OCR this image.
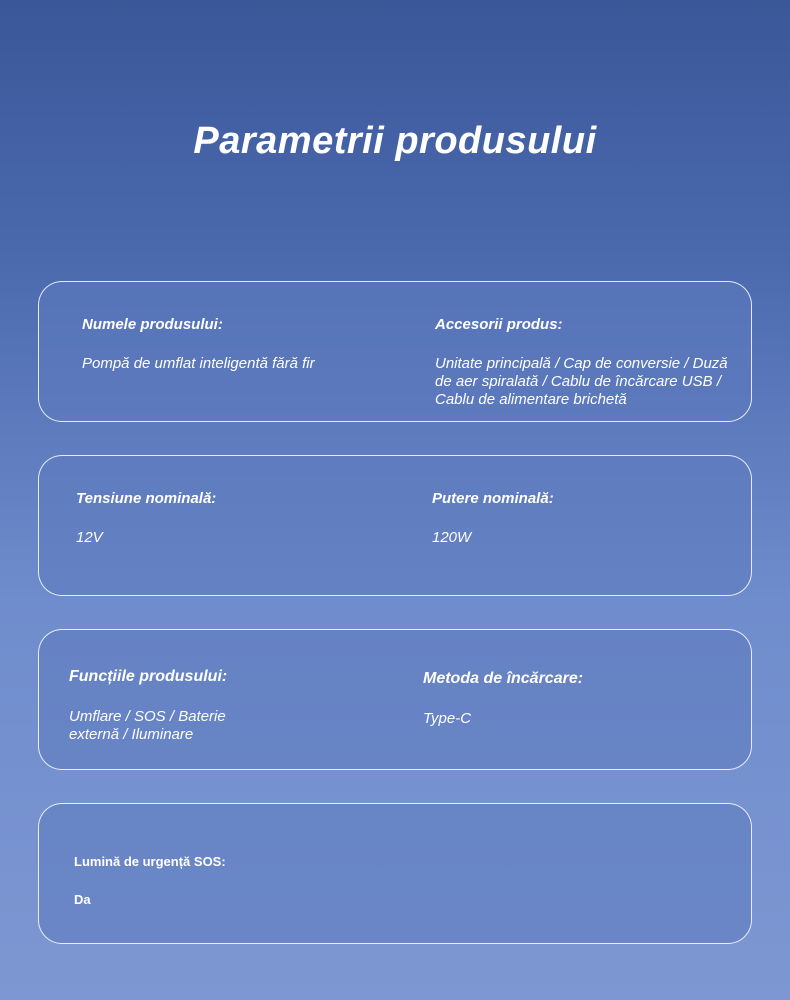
Parametrii produsului
Numele produsului:
Pompă de umflat inteligentă fără fir
Accesorii produs:
Unitate principală / Cap de conversie / Duză de aer spiralată / Cablu de încărcare USB / Cablu de alimentare brichetă
Tensiune nominală:
12V
Putere nominală:
120W
Funcțiile produsului:
Umflare / SOS / Baterie externă / Iluminare
Metoda de încărcare:
Type-C
Lumină de urgență SOS:
Da
